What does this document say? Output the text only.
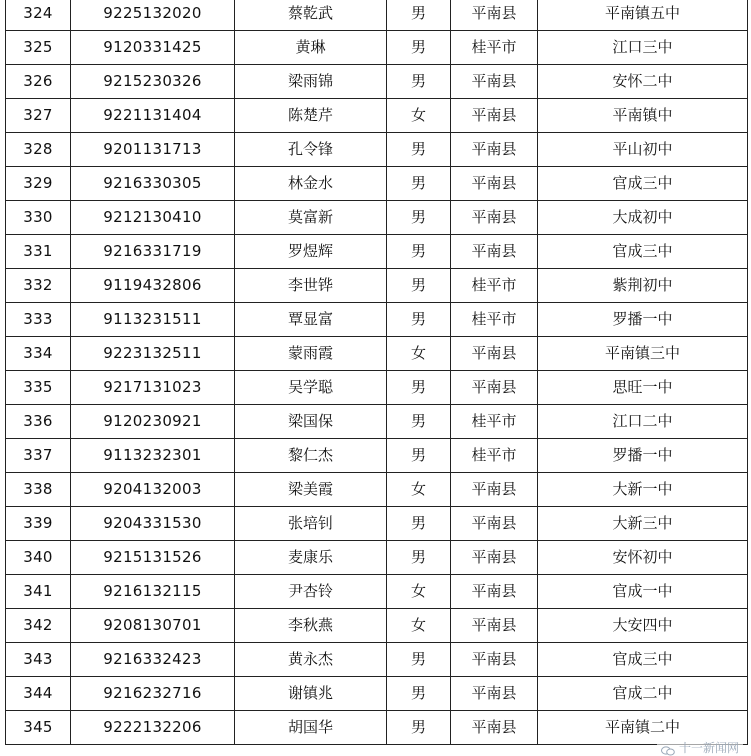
324	9225132020	蔡乾武	男	平南县	平南镇五中
325	9120331425	黄琳	男	桂平市	江口三中
326	9215230326	梁雨锦	男	平南县	安怀二中
327	9221131404	陈楚芹	女	平南县	平南镇中
328	9201131713	孔令锋	男	平南县	平山初中
329	9216330305	林金水	男	平南县	官成三中
330	9212130410	莫富新	男	平南县	大成初中
331	9216331719	罗煜辉	男	平南县	官成三中
332	9119432806	李世铧	男	桂平市	紫荆初中
333	9113231511	覃显富	男	桂平市	罗播一中
334	9223132511	蒙雨霞	女	平南县	平南镇三中
335	9217131023	吴学聪	男	平南县	思旺一中
336	9120230921	梁国保	男	桂平市	江口二中
337	9113232301	黎仁杰	男	桂平市	罗播一中
338	9204132003	梁美霞	女	平南县	大新一中
339	9204331530	张培钊	男	平南县	大新三中
340	9215131526	麦康乐	男	平南县	安怀初中
341	9216132115	尹杏铃	女	平南县	官成一中
342	9208130701	李秋燕	女	平南县	大安四中
343	9216332423	黄永杰	男	平南县	官成三中
344	9216232716	谢镇兆	男	平南县	官成二中
345	9222132206	胡国华	男	平南县	平南镇二中
十一新闻网
